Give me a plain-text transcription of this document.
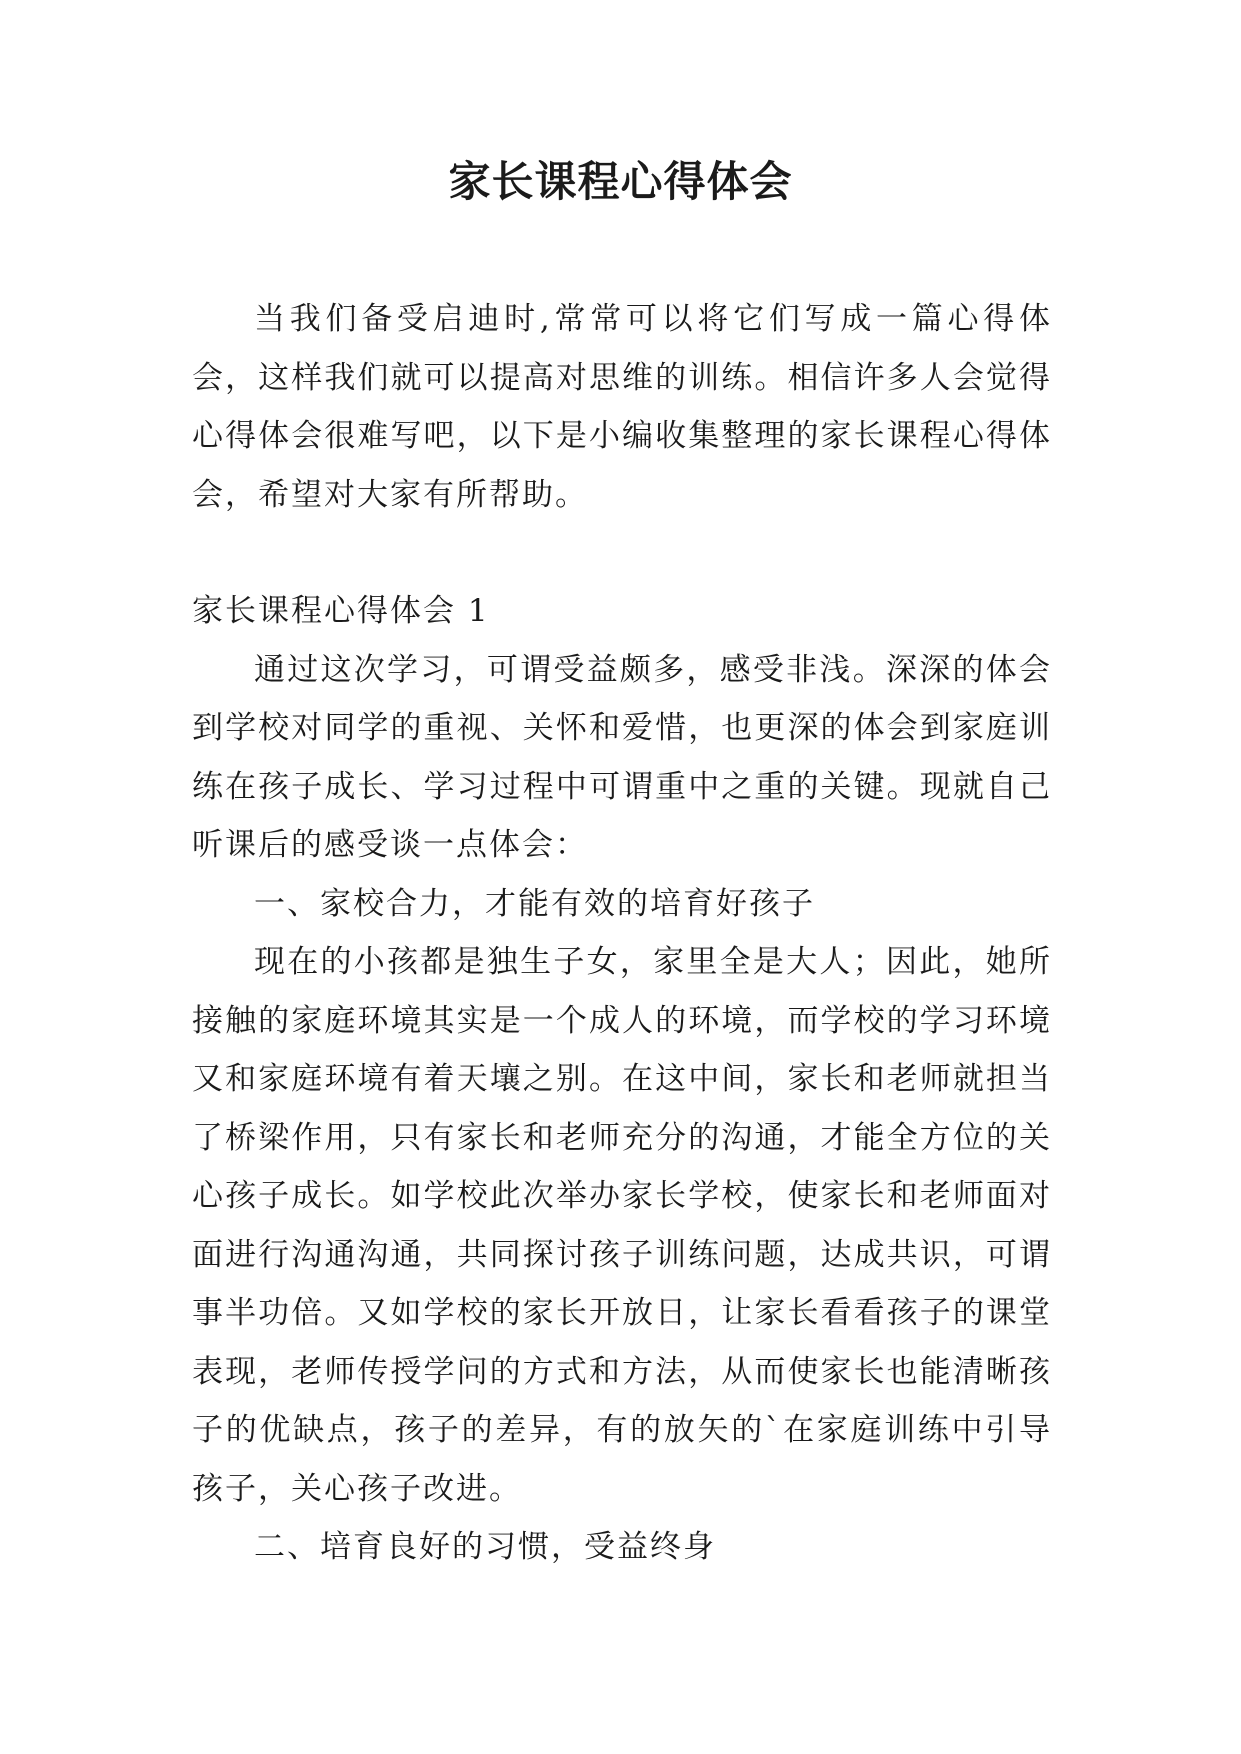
家长课程心得体会

当我们备受启迪时,常常可以将它们写成一篇心得体会，这样我们就可以提高对思维的训练。相信许多人会觉得心得体会很难写吧，以下是小编收集整理的家长课程心得体会，希望对大家有所帮助。

家长课程心得体会 1

通过这次学习，可谓受益颇多，感受非浅。深深的体会到学校对同学的重视、关怀和爱惜，也更深的体会到家庭训练在孩子成长、学习过程中可谓重中之重的关键。现就自己听课后的感受谈一点体会：

一、家校合力，才能有效的培育好孩子

现在的小孩都是独生子女，家里全是大人；因此，她所接触的家庭环境其实是一个成人的环境，而学校的学习环境又和家庭环境有着天壤之别。在这中间，家长和老师就担当了桥梁作用，只有家长和老师充分的沟通，才能全方位的关心孩子成长。如学校此次举办家长学校，使家长和老师面对面进行沟通沟通，共同探讨孩子训练问题，达成共识，可谓事半功倍。又如学校的家长开放日，让家长看看孩子的课堂表现，老师传授学问的方式和方法，从而使家长也能清晰孩子的优缺点，孩子的差异，有的放矢的`在家庭训练中引导孩子，关心孩子改进。

二、培育良好的习惯，受益终身
